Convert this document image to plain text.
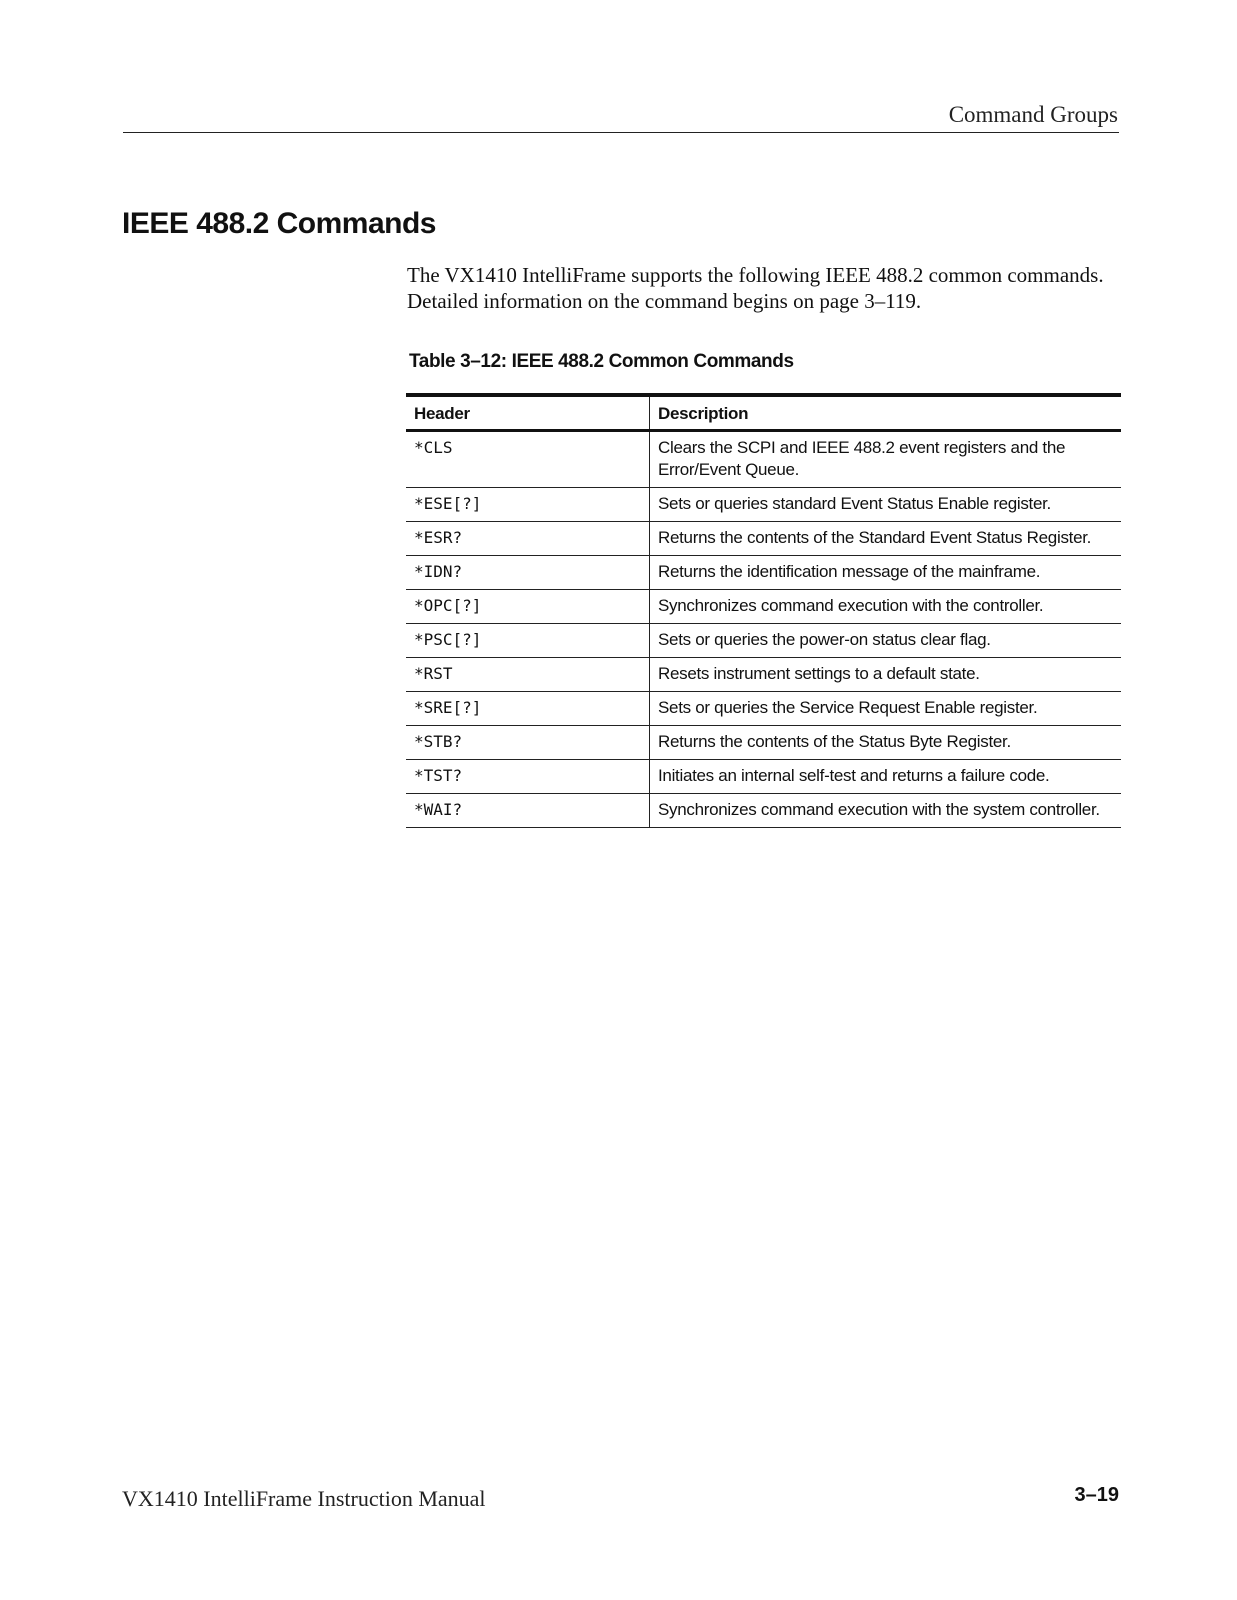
Command Groups
IEEE 488.2 Commands

The VX1410 IntelliFrame supports the following IEEE 488.2 common commands. Detailed information on the command begins on page 3–119.

Table 3–12: IEEE 488.2 Common Commands
Header	Description
*CLS	Clears the SCPI and IEEE 488.2 event registers and the Error/Event Queue.
*ESE[?]	Sets or queries standard Event Status Enable register.
*ESR?	Returns the contents of the Standard Event Status Register.
*IDN?	Returns the identification message of the mainframe.
*OPC[?]	Synchronizes command execution with the controller.
*PSC[?]	Sets or queries the power-on status clear flag.
*RST	Resets instrument settings to a default state.
*SRE[?]	Sets or queries the Service Request Enable register.
*STB?	Returns the contents of the Status Byte Register.
*TST?	Initiates an internal self-test and returns a failure code.
*WAI?	Synchronizes command execution with the system controller.
VX1410 IntelliFrame Instruction Manual	3–19
